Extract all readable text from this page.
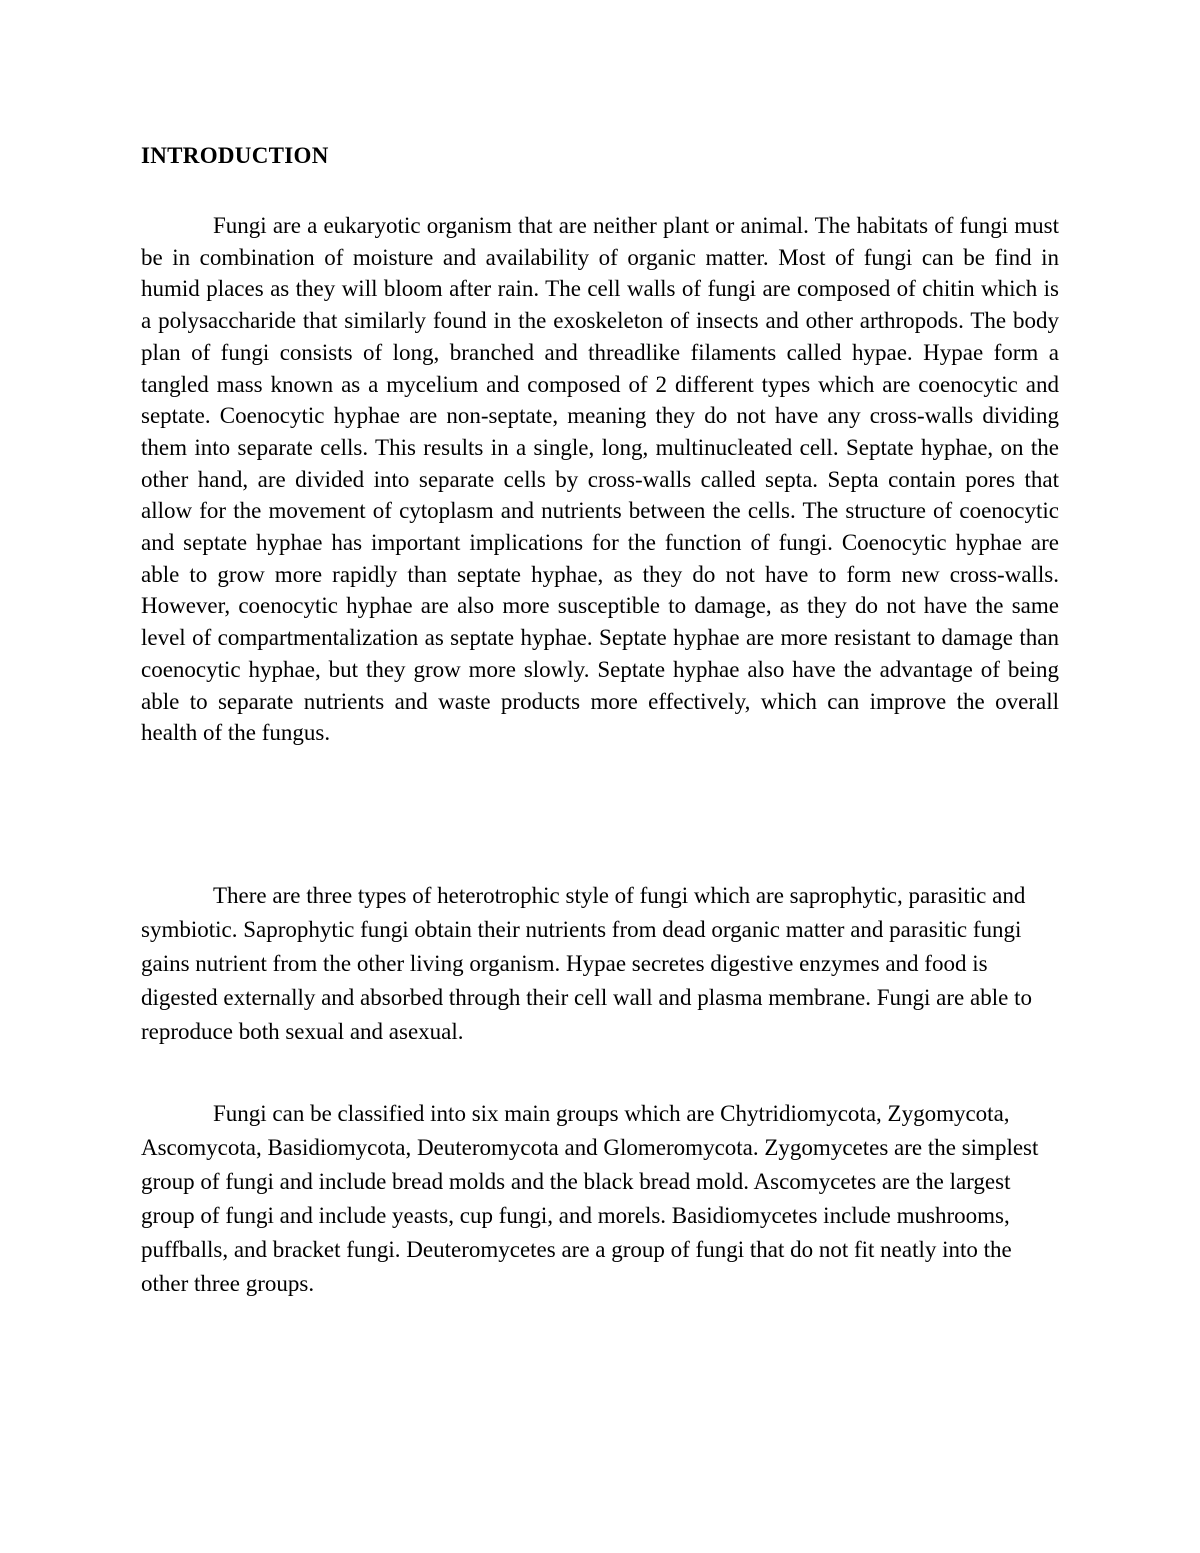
INTRODUCTION

Fungi are a eukaryotic organism that are neither plant or animal. The habitats of fungi must be in combination of moisture and availability of organic matter. Most of fungi can be find in humid places as they will bloom after rain. The cell walls of fungi are composed of chitin which is a polysaccharide that similarly found in the exoskeleton of insects and other arthropods. The body plan of fungi consists of long, branched and threadlike filaments called hypae. Hypae form a tangled mass known as a mycelium and composed of 2 different types which are coenocytic and septate. Coenocytic hyphae are non-septate, meaning they do not have any cross-walls dividing them into separate cells. This results in a single, long, multinucleated cell. Septate hyphae, on the other hand, are divided into separate cells by cross-walls called septa. Septa contain pores that allow for the movement of cytoplasm and nutrients between the cells. The structure of coenocytic and septate hyphae has important implications for the function of fungi. Coenocytic hyphae are able to grow more rapidly than septate hyphae, as they do not have to form new cross-walls. However, coenocytic hyphae are also more susceptible to damage, as they do not have the same level of compartmentalization as septate hyphae. Septate hyphae are more resistant to damage than coenocytic hyphae, but they grow more slowly. Septate hyphae also have the advantage of being able to separate nutrients and waste products more effectively, which can improve the overall health of the fungus.

There are three types of heterotrophic style of fungi which are saprophytic, parasitic and symbiotic. Saprophytic fungi obtain their nutrients from dead organic matter and parasitic fungi gains nutrient from the other living organism. Hypae secretes digestive enzymes and food is digested externally and absorbed through their cell wall and plasma membrane. Fungi are able to reproduce both sexual and asexual.

Fungi can be classified into six main groups which are Chytridiomycota, Zygomycota, Ascomycota, Basidiomycota, Deuteromycota and Glomeromycota. Zygomycetes are the simplest group of fungi and include bread molds and the black bread mold. Ascomycetes are the largest group of fungi and include yeasts, cup fungi, and morels. Basidiomycetes include mushrooms, puffballs, and bracket fungi. Deuteromycetes are a group of fungi that do not fit neatly into the other three groups.
